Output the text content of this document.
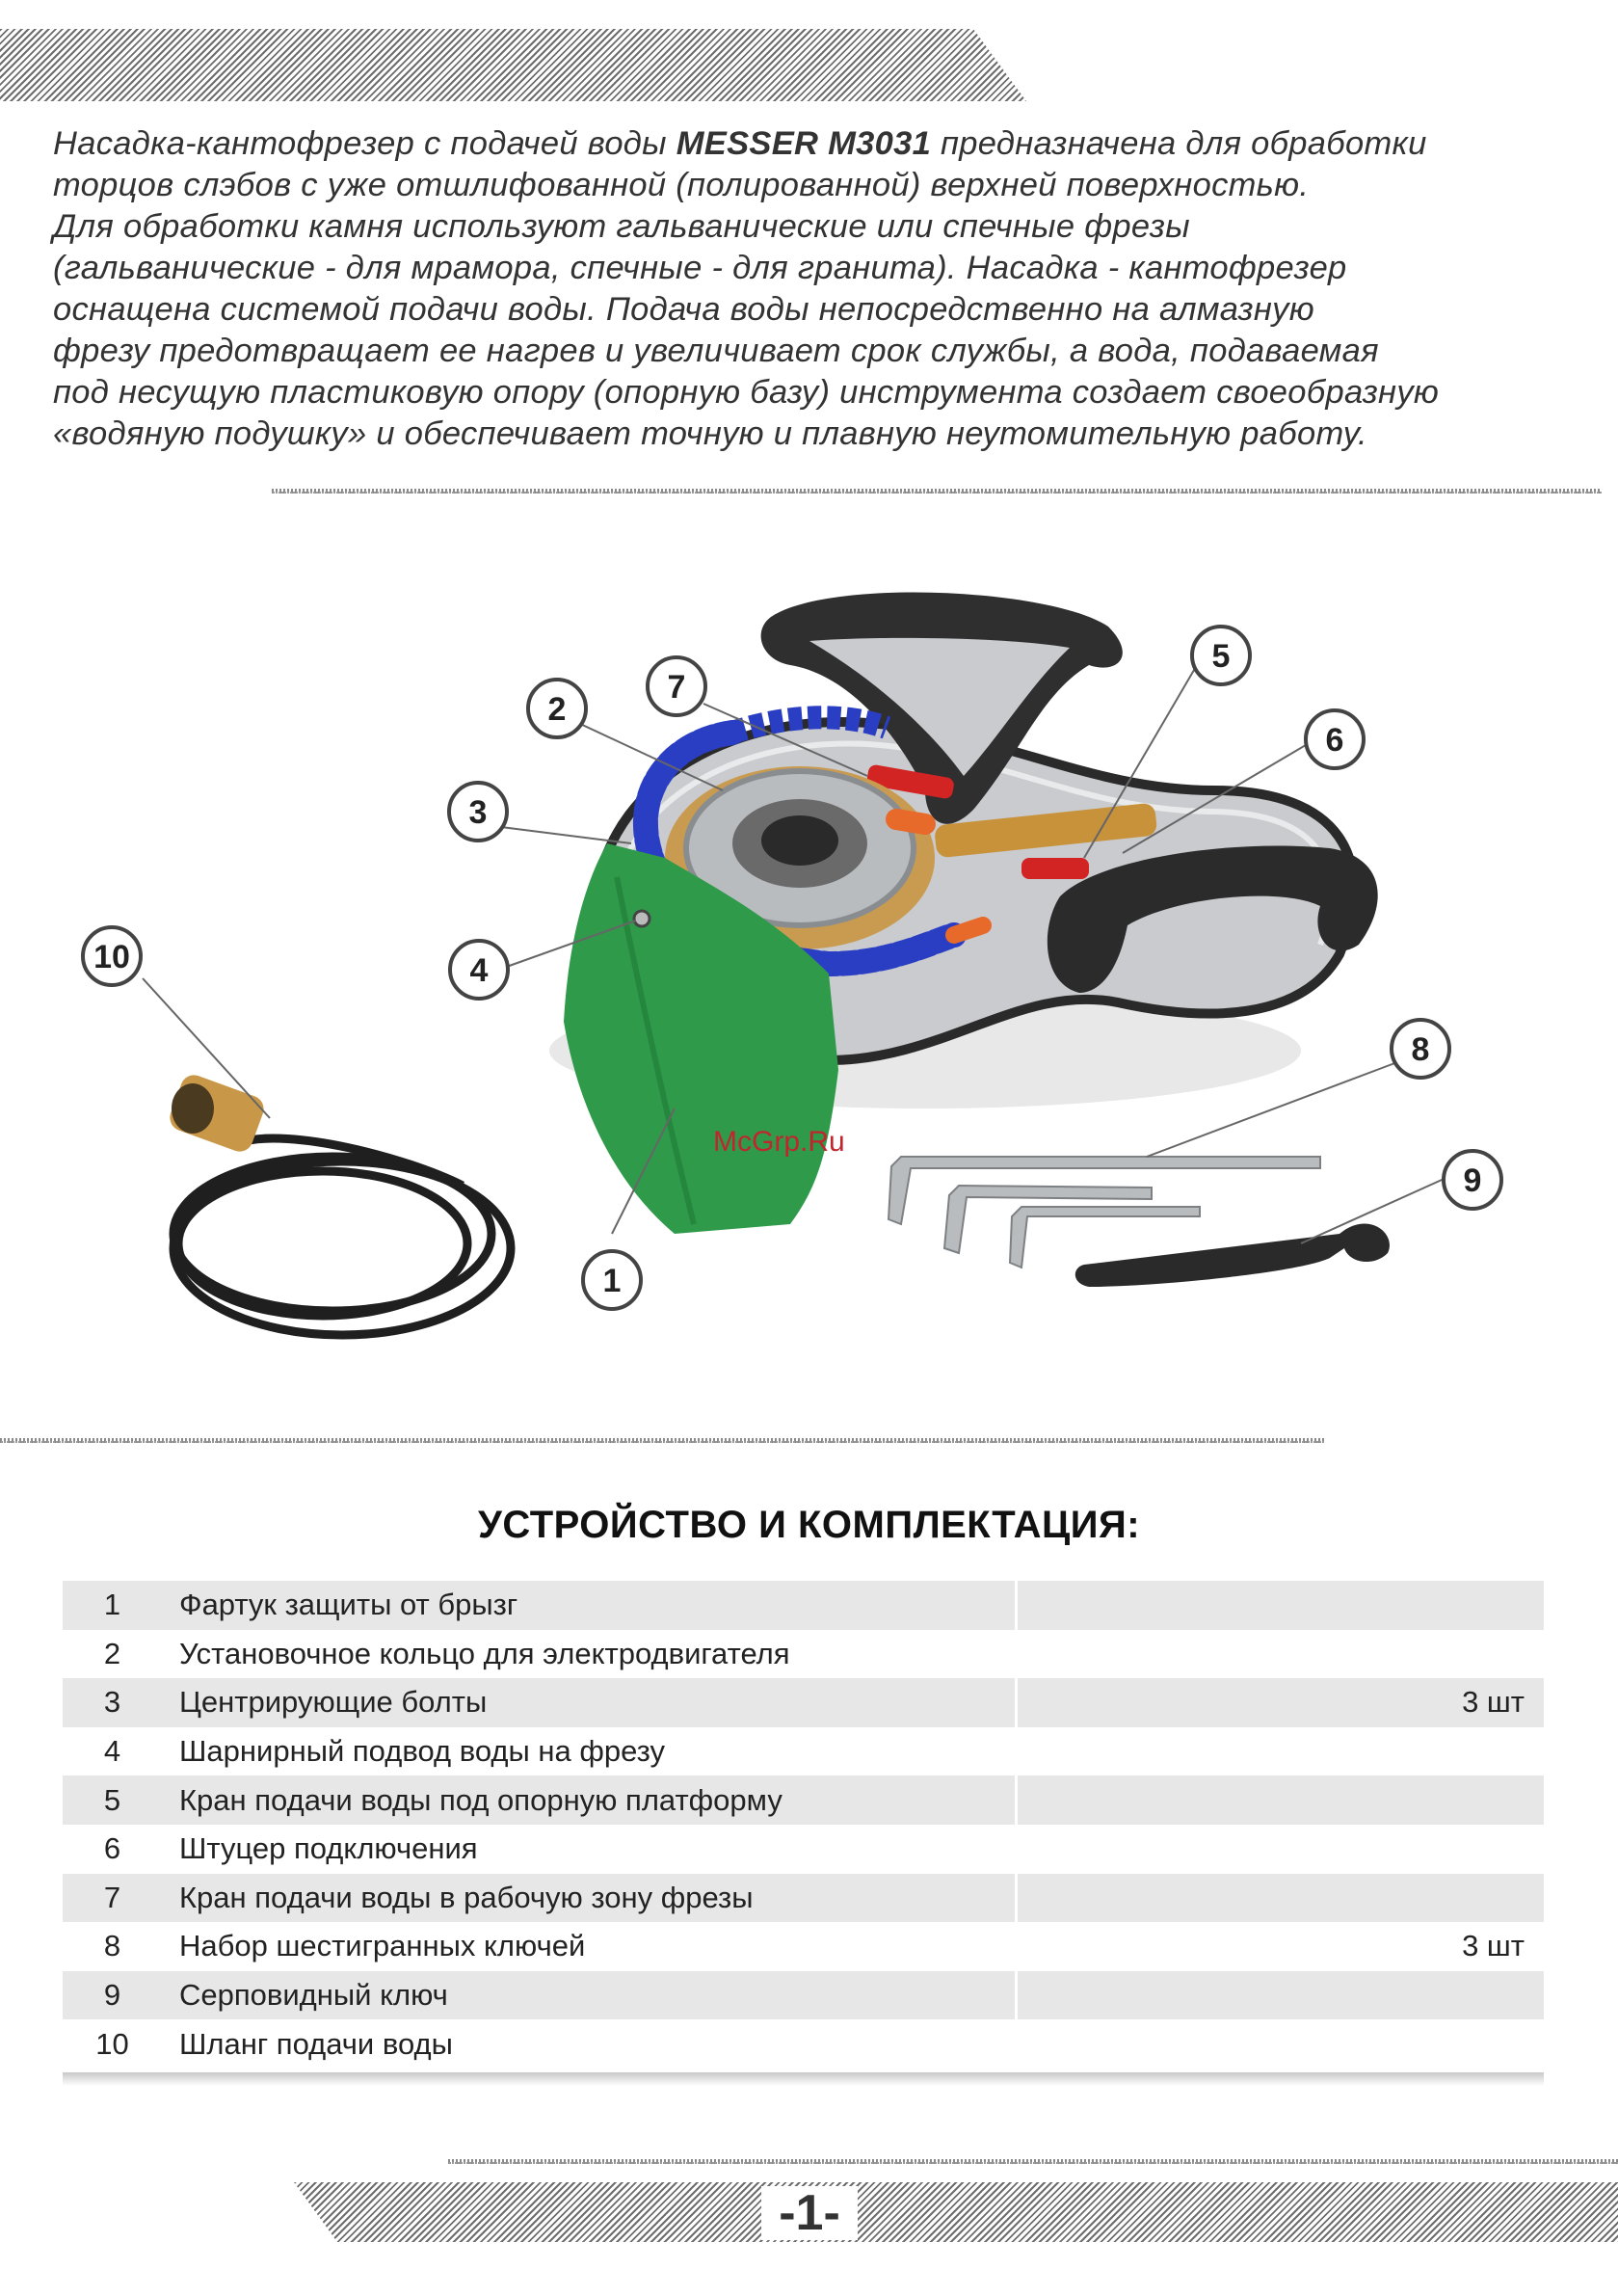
Насадка-кантофрезер с подачей воды MESSER M3031 предназначена для обработки

торцов слэбов с уже отшлифованной (полированной) верхней поверхностью.

Для обработки камня используют гальванические или спечные фрезы

(гальванические - для мрамора, спечные - для гранита). Насадка - кантофрезер

оснащена системой подачи воды. Подача воды непосредственно на алмазную

фрезу предотвращает ее нагрев и увеличивает срок службы, а вода, подаваемая

под несущую пластиковую опору (опорную базу) инструмента создает своеобразную

«водяную подушку» и обеспечивает точную и плавную неутомительную работу.

1
2
3
4
5
6
7
8
9
10
McGrp.Ru
УСТРОЙСТВО И КОМПЛЕКТАЦИЯ:
1	Фартук защиты от брызг	
2	Установочное кольцо для электродвигателя	
3	Центрирующие болты	3 шт
4	Шарнирный подвод воды на фрезу	
5	Кран подачи воды под опорную платформу	
6	Штуцер подключения	
7	Кран подачи воды в рабочую зону фрезы	
8	Набор шестигранных ключей	3 шт
9	Серповидный ключ	
10	Шланг подачи воды	
-1-
